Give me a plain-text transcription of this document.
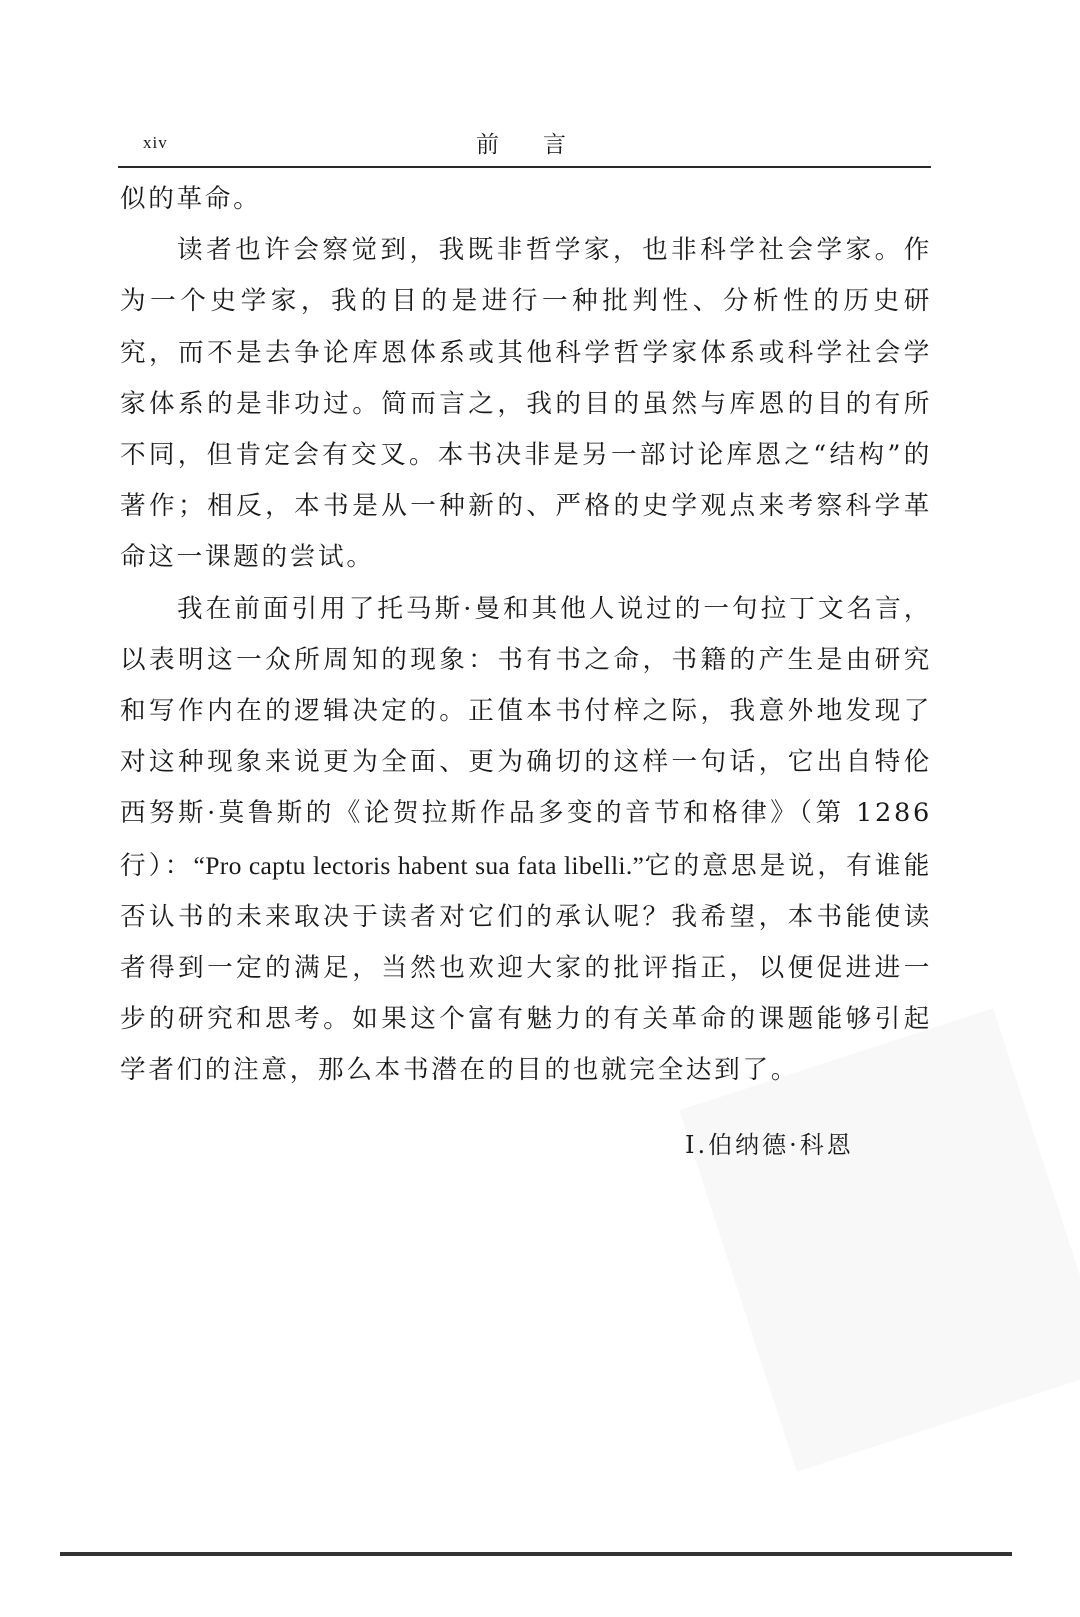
xiv	前言

似的革命。

读者也许会察觉到，我既非哲学家，也非科学社会学家。作为一个史学家，我的目的是进行一种批判性、分析性的历史研究，而不是去争论库恩体系或其他科学哲学家体系或科学社会学家体系的是非功过。简而言之，我的目的虽然与库恩的目的有所不同，但肯定会有交叉。本书决非是另一部讨论库恩之“结构”的著作；相反，本书是从一种新的、严格的史学观点来考察科学革命这一课题的尝试。

我在前面引用了托马斯·曼和其他人说过的一句拉丁文名言，以表明这一众所周知的现象：书有书之命，书籍的产生是由研究和写作内在的逻辑决定的。正值本书付梓之际，我意外地发现了对这种现象来说更为全面、更为确切的这样一句话，它出自特伦西努斯·莫鲁斯的《论贺拉斯作品多变的音节和格律》（第 1286 行）：“Pro captu lectoris habent sua fata libelli.”它的意思是说，有谁能否认书的未来取决于读者对它们的承认呢？我希望，本书能使读者得到一定的满足，当然也欢迎大家的批评指正，以便促进进一步的研究和思考。如果这个富有魅力的有关革命的课题能够引起学者们的注意，那么本书潜在的目的也就完全达到了。

I.伯纳德·科恩
